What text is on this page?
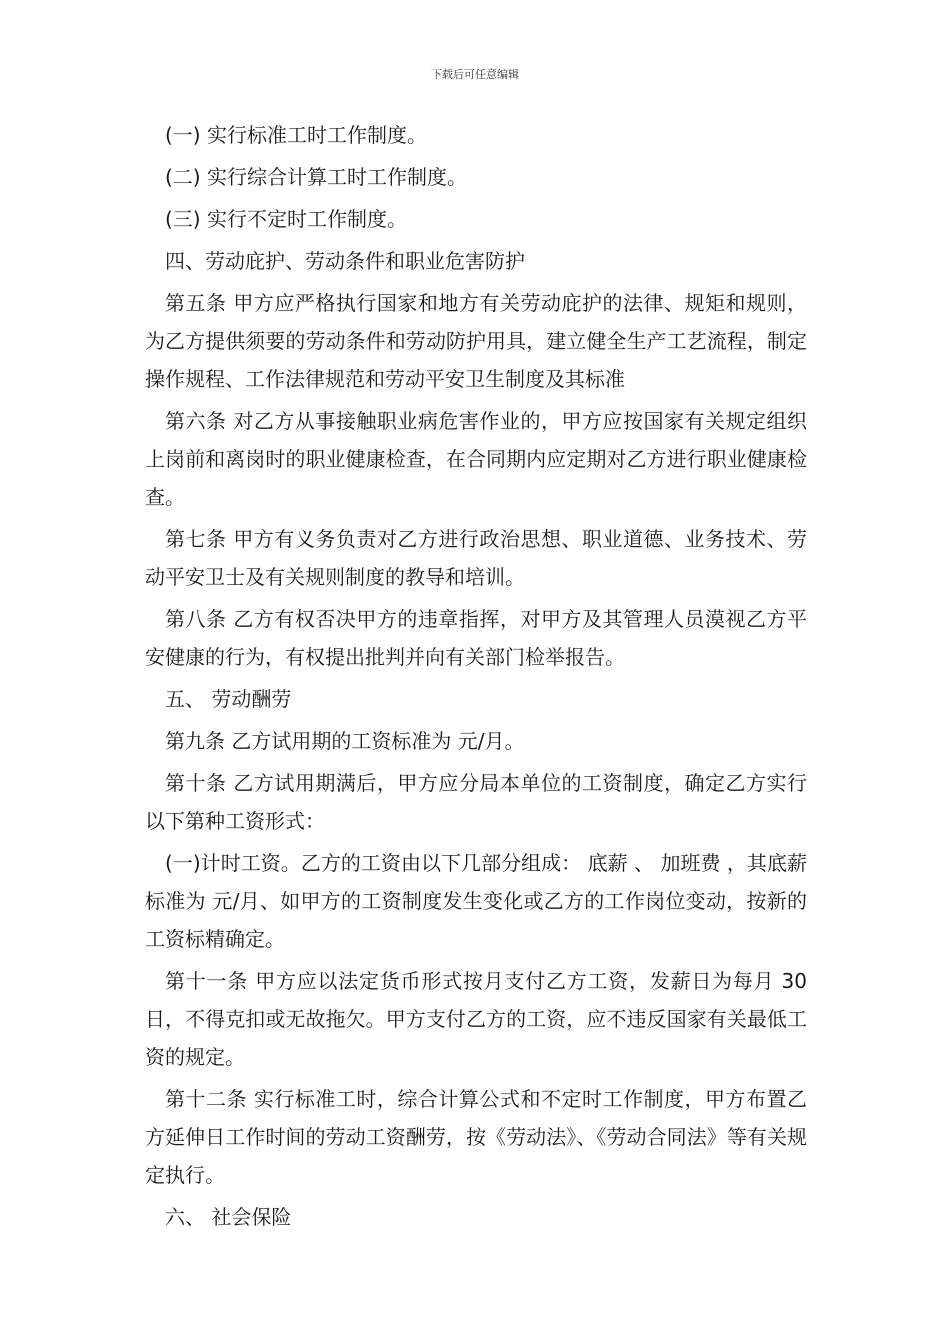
下载后可任意编辑

(一) 实行标准工时工作制度。

(二) 实行综合计算工时工作制度。

(三) 实行不定时工作制度。

四、劳动庇护、劳动条件和职业危害防护

第五条 甲方应严格执行国家和地方有关劳动庇护的法律、规矩和规则，为乙方提供须要的劳动条件和劳动防护用具，建立健全生产工艺流程，制定操作规程、工作法律规范和劳动平安卫生制度及其标准

第六条 对乙方从事接触职业病危害作业的，甲方应按国家有关规定组织上岗前和离岗时的职业健康检查，在合同期内应定期对乙方进行职业健康检查。

第七条 甲方有义务负责对乙方进行政治思想、职业道德、业务技术、劳动平安卫士及有关规则制度的教导和培训。

第八条 乙方有权否决甲方的违章指挥，对甲方及其管理人员漠视乙方平安健康的行为，有权提出批判并向有关部门检举报告。

五、 劳动酬劳

第九条 乙方试用期的工资标准为 元/月。

第十条 乙方试用期满后，甲方应分局本单位的工资制度，确定乙方实行以下第种工资形式：

(一)计时工资。乙方的工资由以下几部分组成： 底薪 、 加班费 ，其底薪标准为 元/月、如甲方的工资制度发生变化或乙方的工作岗位变动，按新的工资标精确定。

第十一条 甲方应以法定货币形式按月支付乙方工资，发薪日为每月 30 日，不得克扣或无故拖欠。甲方支付乙方的工资，应不违反国家有关最低工资的规定。

第十二条 实行标准工时，综合计算公式和不定时工作制度，甲方布置乙方延伸日工作时间的劳动工资酬劳，按《劳动法》、《劳动合同法》等有关规定执行。

六、 社会保险
